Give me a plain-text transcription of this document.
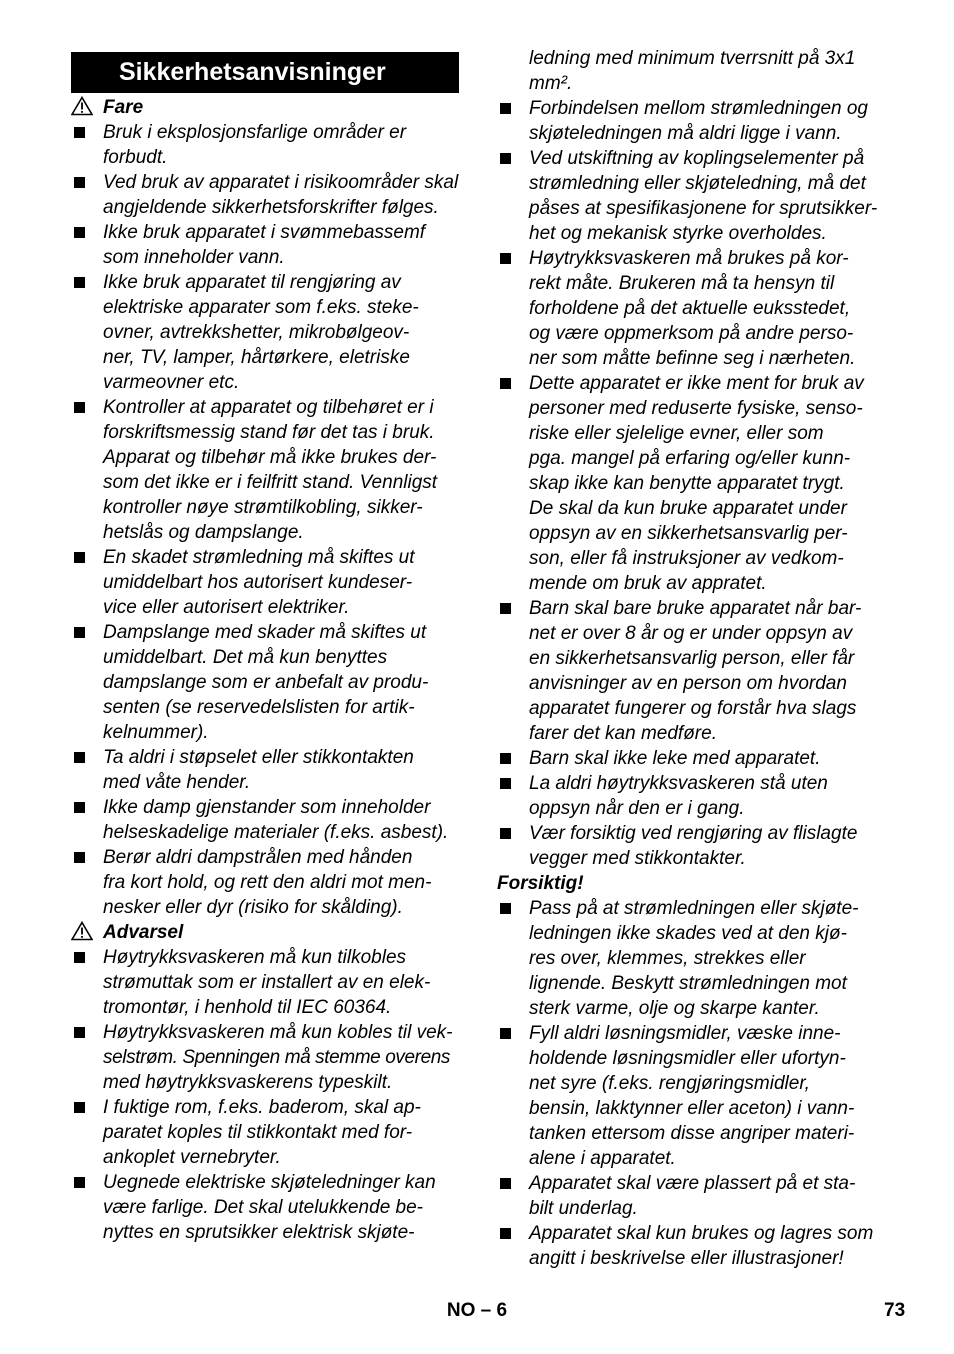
Sikkerhetsanvisninger
Fare
Bruk i eksplosjonsfarlige områder er
forbudt.
Ved bruk av apparatet i risikoområder skal
angjeldende sikkerhetsforskrifter følges.
Ikke bruk apparatet i svømmebassemf
som inneholder vann.
Ikke bruk apparatet til rengjøring av
elektriske apparater som f.eks. steke-
ovner, avtrekkshetter, mikrobølgeov-
ner, TV, lamper, hårtørkere, eletriske
varmeovner etc.
Kontroller at apparatet og tilbehøret er i
forskriftsmessig stand før det tas i bruk.
Apparat og tilbehør må ikke brukes der-
som det ikke er i feilfritt stand. Vennligst
kontroller nøye strømtilkobling, sikker-
hetslås og dampslange.
En skadet strømledning må skiftes ut
umiddelbart hos autorisert kundeser-
vice eller autorisert elektriker.
Dampslange med skader må skiftes ut
umiddelbart. Det må kun benyttes
dampslange som er anbefalt av produ-
senten (se reservedelslisten for artik-
kelnummer).
Ta aldri i støpselet eller stikkontakten
med våte hender.
Ikke damp gjenstander som inneholder
helseskadelige materialer (f.eks. asbest).
Berør aldri dampstrålen med hånden
fra kort hold, og rett den aldri mot men-
nesker eller dyr (risiko for skålding).
Advarsel
Høytrykksvaskeren må kun tilkobles
strømuttak som er installert av en elek-
tromontør, i henhold til IEC 60364.
Høytrykksvaskeren må kun kobles til vek-
selstrøm. Spenningen må stemme overens
med høytrykksvaskerens typeskilt.
I fuktige rom, f.eks. baderom, skal ap-
paratet koples til stikkontakt med for-
ankoplet vernebryter.
Uegnede elektriske skjøteledninger kan
være farlige. Det skal utelukkende be-
nyttes en sprutsikker elektrisk skjøte-
ledning med minimum tverrsnitt på 3x1
mm².
Forbindelsen mellom strømledningen og
skjøteledningen må aldri ligge i vann.
Ved utskiftning av koplingselementer på
strømledning eller skjøteledning, må det
påses at spesifikasjonene for sprutsikker-
het og mekanisk styrke overholdes.
Høytrykksvaskeren må brukes på kor-
rekt måte. Brukeren må ta hensyn til
forholdene på det aktuelle euksstedet,
og være oppmerksom på andre perso-
ner som måtte befinne seg i nærheten.
Dette apparatet er ikke ment for bruk av
personer med reduserte fysiske, senso-
riske eller sjelelige evner, eller som
pga. mangel på erfaring og/eller kunn-
skap ikke kan benytte apparatet trygt.
De skal da kun bruke apparatet under
oppsyn av en sikkerhetsansvarlig per-
son, eller få instruksjoner av vedkom-
mende om bruk av appratet.
Barn skal bare bruke apparatet når bar-
net er over 8 år og er under oppsyn av
en sikkerhetsansvarlig person, eller får
anvisninger av en person om hvordan
apparatet fungerer og forstår hva slags
farer det kan medføre.
Barn skal ikke leke med apparatet.
La aldri høytrykksvaskeren stå uten
oppsyn når den er i gang.
Vær forsiktig ved rengjøring av flislagte
vegger med stikkontakter.
Forsiktig!
Pass på at strømledningen eller skjøte-
ledningen ikke skades ved at den kjø-
res over, klemmes, strekkes eller
lignende. Beskytt strømledningen mot
sterk varme, olje og skarpe kanter.
Fyll aldri løsningsmidler, væske inne-
holdende løsningsmidler eller ufortyn-
net syre (f.eks. rengjøringsmidler,
bensin, lakktynner eller aceton) i vann-
tanken ettersom disse angriper materi-
alene i apparatet.
Apparatet skal være plassert på et sta-
bilt underlag.
Apparatet skal kun brukes og lagres som
angitt i beskrivelse eller illustrasjoner!
NO – 6	73
